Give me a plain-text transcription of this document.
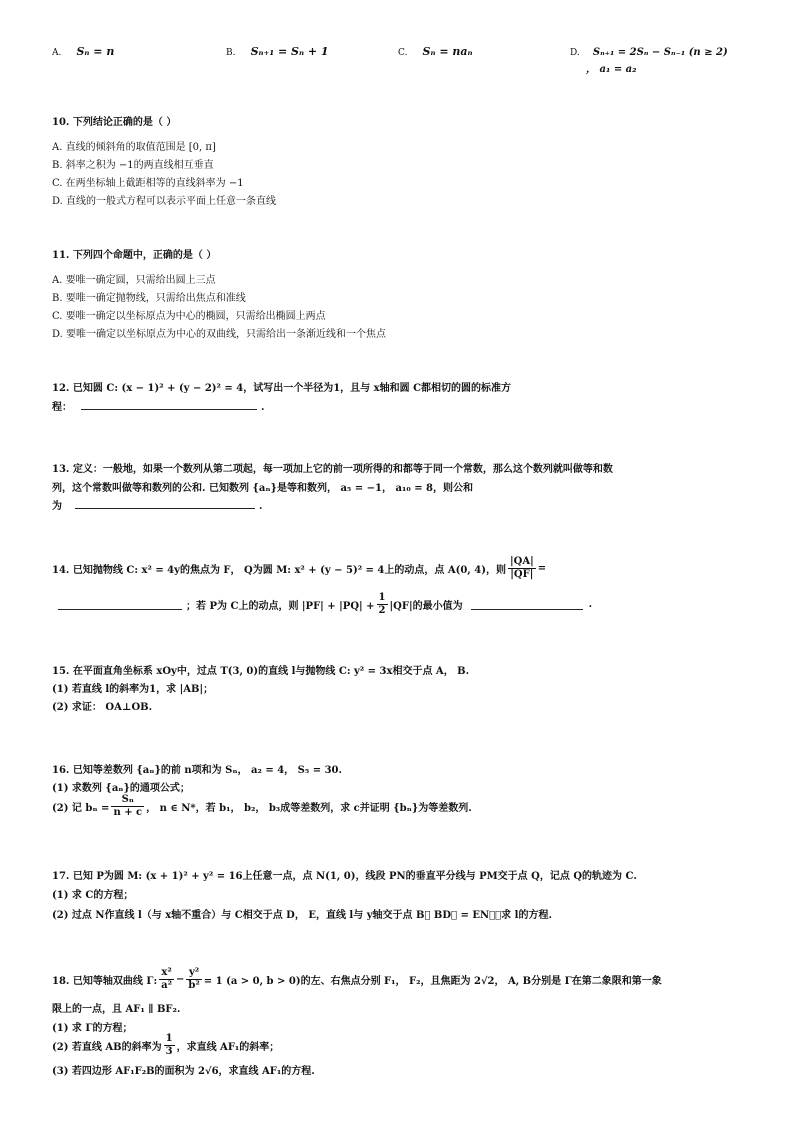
A. Sₙ = n	B. Sₙ₊₁ = Sₙ + 1	C. Sₙ = naₙ	D. Sₙ₊₁ = 2Sₙ − Sₙ₋₁ (n ≥ 2)
， a₁ = a₂
10. 下列结论正确的是（ ）
A. 直线的倾斜角的取值范围是 [0, π]
B. 斜率之积为 −1的两直线相互垂直
C. 在两坐标轴上截距相等的直线斜率为 −1
D. 直线的一般式方程可以表示平面上任意一条直线
11. 下列四个命题中，正确的是（ ）
A. 要唯一确定圆，只需给出圆上三点
B. 要唯一确定抛物线，只需给出焦点和准线
C. 要唯一确定以坐标原点为中心的椭圆，只需给出椭圆上两点
D. 要唯一确定以坐标原点为中心的双曲线，只需给出一条渐近线和一个焦点
12. 已知圆 C: (x − 1)² + (y − 2)² = 4，试写出一个半径为1，且与 x轴和圆 C都相切的圆的标准方
程：	.
13. 定义：一般地，如果一个数列从第二项起，每一项加上它的前一项所得的和都等于同一个常数，那么这个数列就叫做等和数
列，这个常数叫做等和数列的公和. 已知数列 {aₙ}是等和数列， a₅ = −1， a₁₀ = 8，则公和
为	.
14. 已知抛物线 C: x² = 4y的焦点为 F， Q为圆 M: x² + (y − 5)² = 4上的动点，点 A(0, 4)，则 $\frac{|QA|}{|QF|}$ =
；若 P为 C上的动点，则 $|PF| + |PQ| + \frac{1}{2} |QF|$的最小值为	.
15. 在平面直角坐标系 xOy中，过点 T(3, 0)的直线 l与抛物线 C: y² = 3x相交于点 A， B.
(1) 若直线 l的斜率为1，求 |AB|；
(2) 求证： OA⊥OB.
16. 已知等差数列 {aₙ}的前 n项和为 Sₙ， a₂ = 4， S₅ = 30.
(1) 求数列 {aₙ}的通项公式；
(2) 记 $b_n = \frac{\text{Sₙ}}{n + c}$ ， n ∈ N*，若 b₁， b₂， b₃成等差数列，求 c并证明 {bₙ}为等差数列.
17. 已知 P为圆 M: (x + 1)² + y² = 16上任意一点，点 N(1, 0)，线段 PN的垂直平分线与 PM交于点 Q，记点 Q的轨迹为 C.
(1) 求 C的方程；
(2) 过点 N作直线 l（与 x轴不重合）与 C相交于点 D， E，直线 l与 y轴交于点 B， BD⃗ = EN⃗，求 l的方程.
18. 已知等轴双曲线 Γ: $\frac{\text{x²}}{\text{a²}} - \frac{\text{y²}}{\text{b²}} = 1$ (a > 0, b > 0)的左、右焦点分别 F₁， F₂，且焦距为 2√2， A, B分别是 Γ在第二象限和第一象
限上的一点，且 AF₁ ∥ BF₂.
(1) 求 Γ的方程；
(2) 若直线 AB的斜率为 $\frac{1}{3}$ ，求直线 AF₁的斜率；
(3) 若四边形 AF₁F₂B的面积为 2√6，求直线 AF₁的方程.
